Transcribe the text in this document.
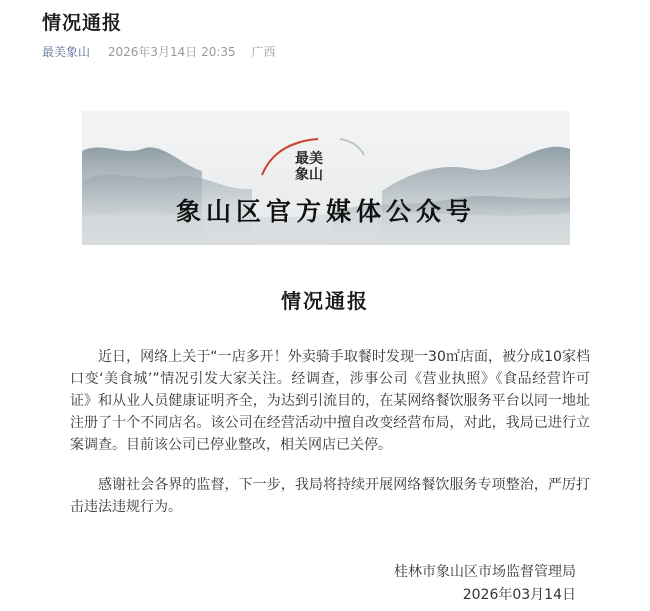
情况通报
最美象山 2026年3月14日 20:35 广西
最美
象山
象山区官方媒体公众号
情况通报

近日，网络上关于“一店多开！外卖骑手取餐时发现一30㎡店面，被分成10家档口变‘美食城’”情况引发大家关注。经调查，涉事公司《营业执照》《食品经营许可证》和从业人员健康证明齐全，为达到引流目的，在某网络餐饮服务平台以同一地址注册了十个不同店名。该公司在经营活动中擅自改变经营布局，对此，我局已进行立案调查。目前该公司已停业整改，相关网店已关停。

感谢社会各界的监督，下一步，我局将持续开展网络餐饮服务专项整治，严厉打击违法违规行为。

桂林市象山区市场监督管理局
2026年03月14日
